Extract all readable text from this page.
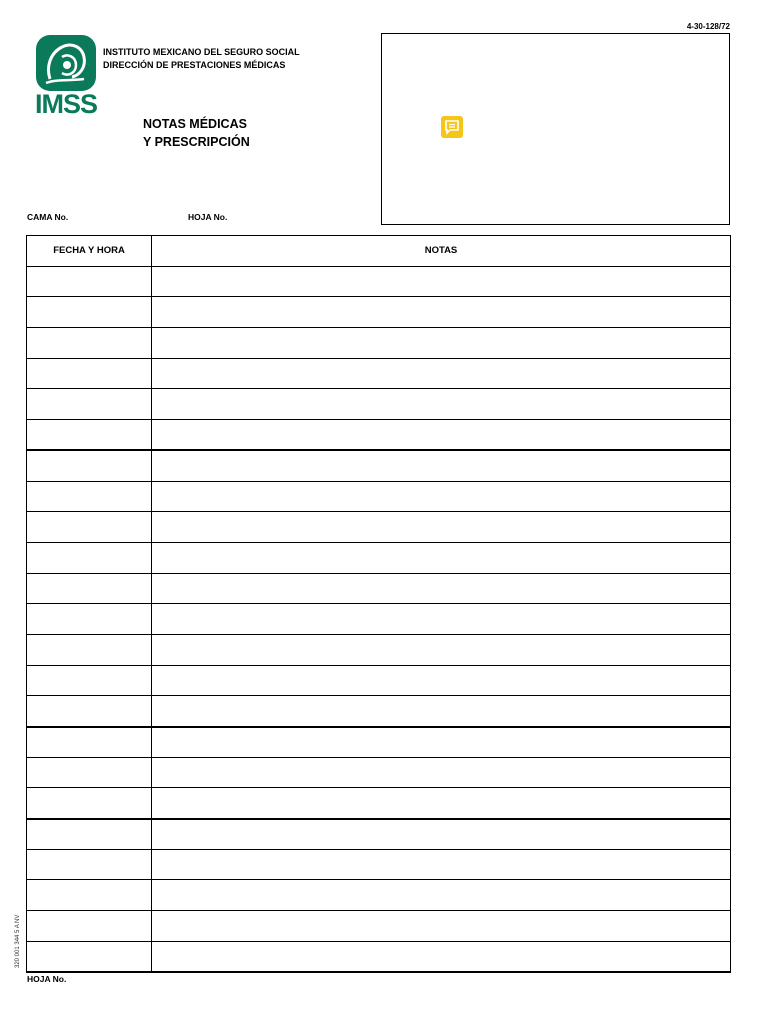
4-30-128/72
IMSS
INSTITUTO MEXICANO DEL SEGURO SOCIAL
DIRECCIÓN DE PRESTACIONES MÉDICAS
NOTAS MÉDICAS
Y PRESCRIPCIÓN
CAMA No.	HOJA No.
FECHA Y HORA	NOTAS

320 001 344 5 A NV
HOJA No.
